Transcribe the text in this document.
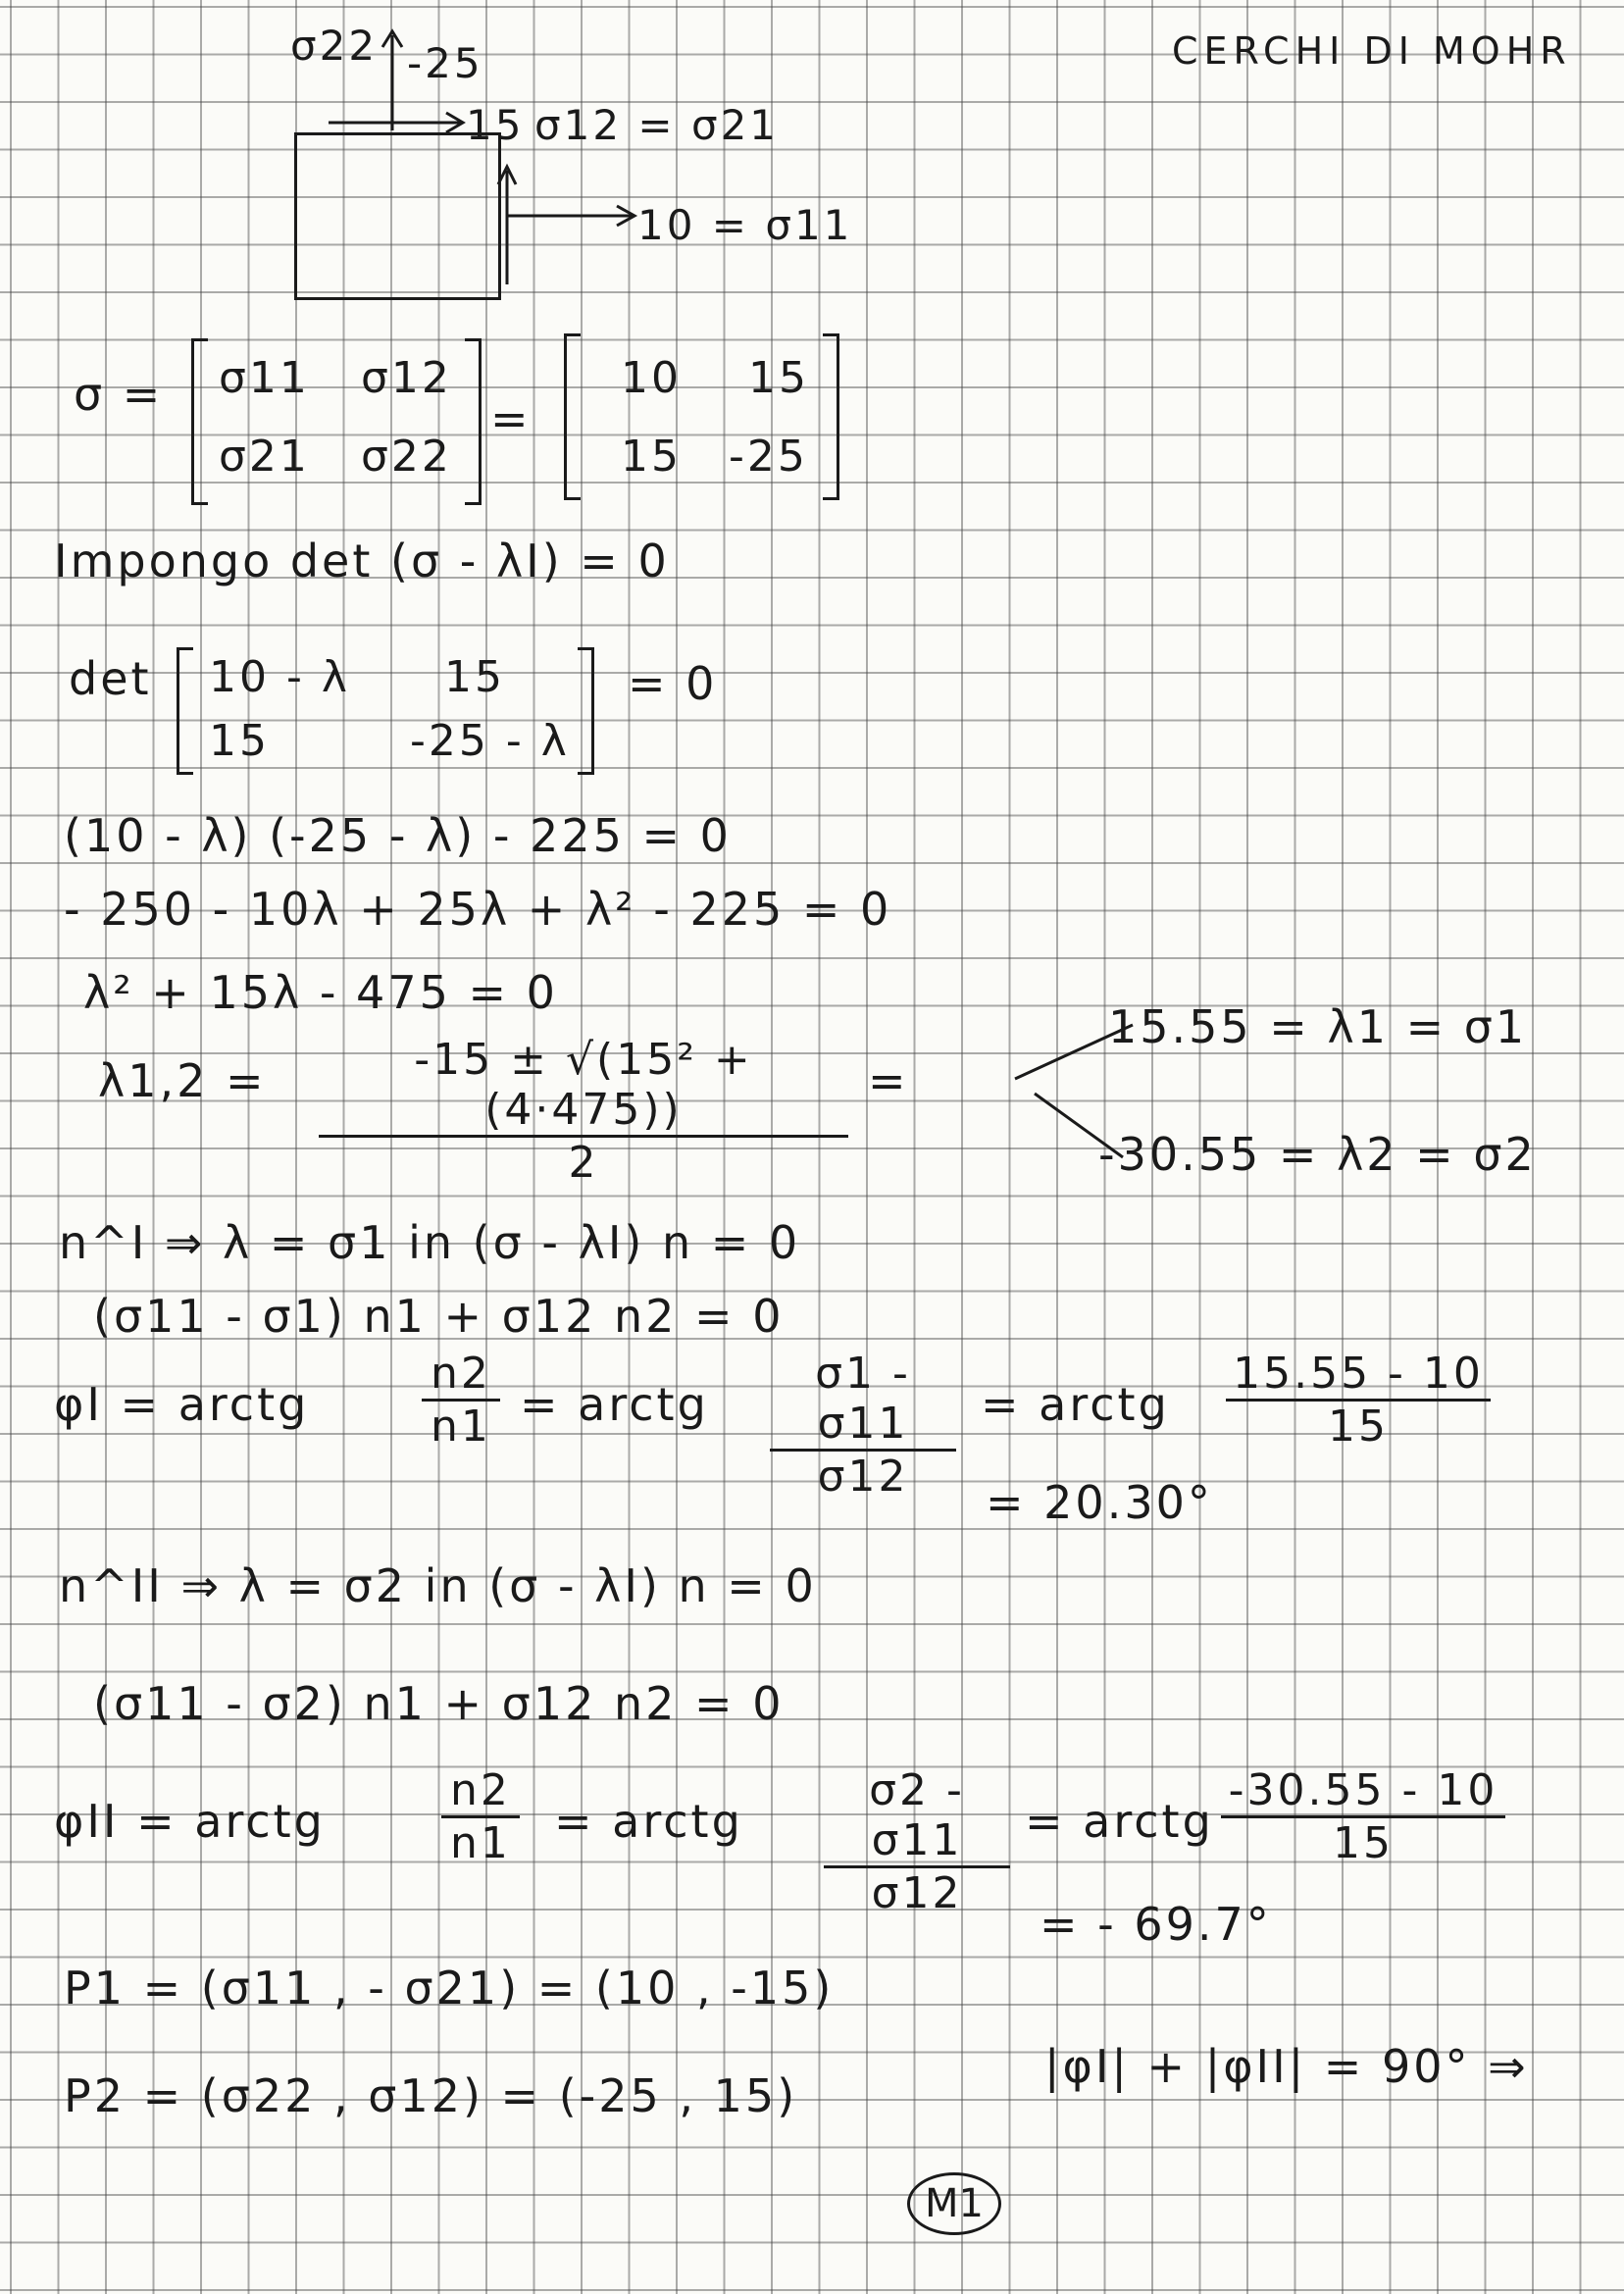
CERCHI DI MOHR
σ22 -25
15 σ12 = σ21
10 = σ11
σ = σ11 σ12
σ21 σ22
=
10 15
15 -25
Impongo det (σ - λI) = 0
det 10 - λ 15
15	-25 - λ
= 0
(10 - λ) (-25 - λ) - 225 = 0
- 250 - 10λ + 25λ + λ² - 225 = 0
λ² + 15λ - 475 = 0
λ1,2 =	-15 ± √(15² + (4·475))
2
=
15.55 = λ1 = σ1
-30.55 = λ2 = σ2
n^I ⇒ λ = σ1 in (σ - λI) n = 0
(σ11 - σ1) n1 + σ12 n2 = 0
φI = arctg
n2
n1 = arctg
σ1 - σ11
σ12
= arctg
15.55 - 10
15
= 20.30°
n^II ⇒ λ = σ2 in (σ - λI) n = 0
(σ11 - σ2) n1 + σ12 n2 = 0
φII = arctg
n2
n1 = arctg
σ2 - σ11
σ12
= arctg
-30.55 - 10
15
= - 69.7°
P1 = (σ11 , - σ21) = (10 , -15)
P2 = (σ22 , σ12) = (-25 , 15)
|φI| + |φII| = 90° ⇒
M1
